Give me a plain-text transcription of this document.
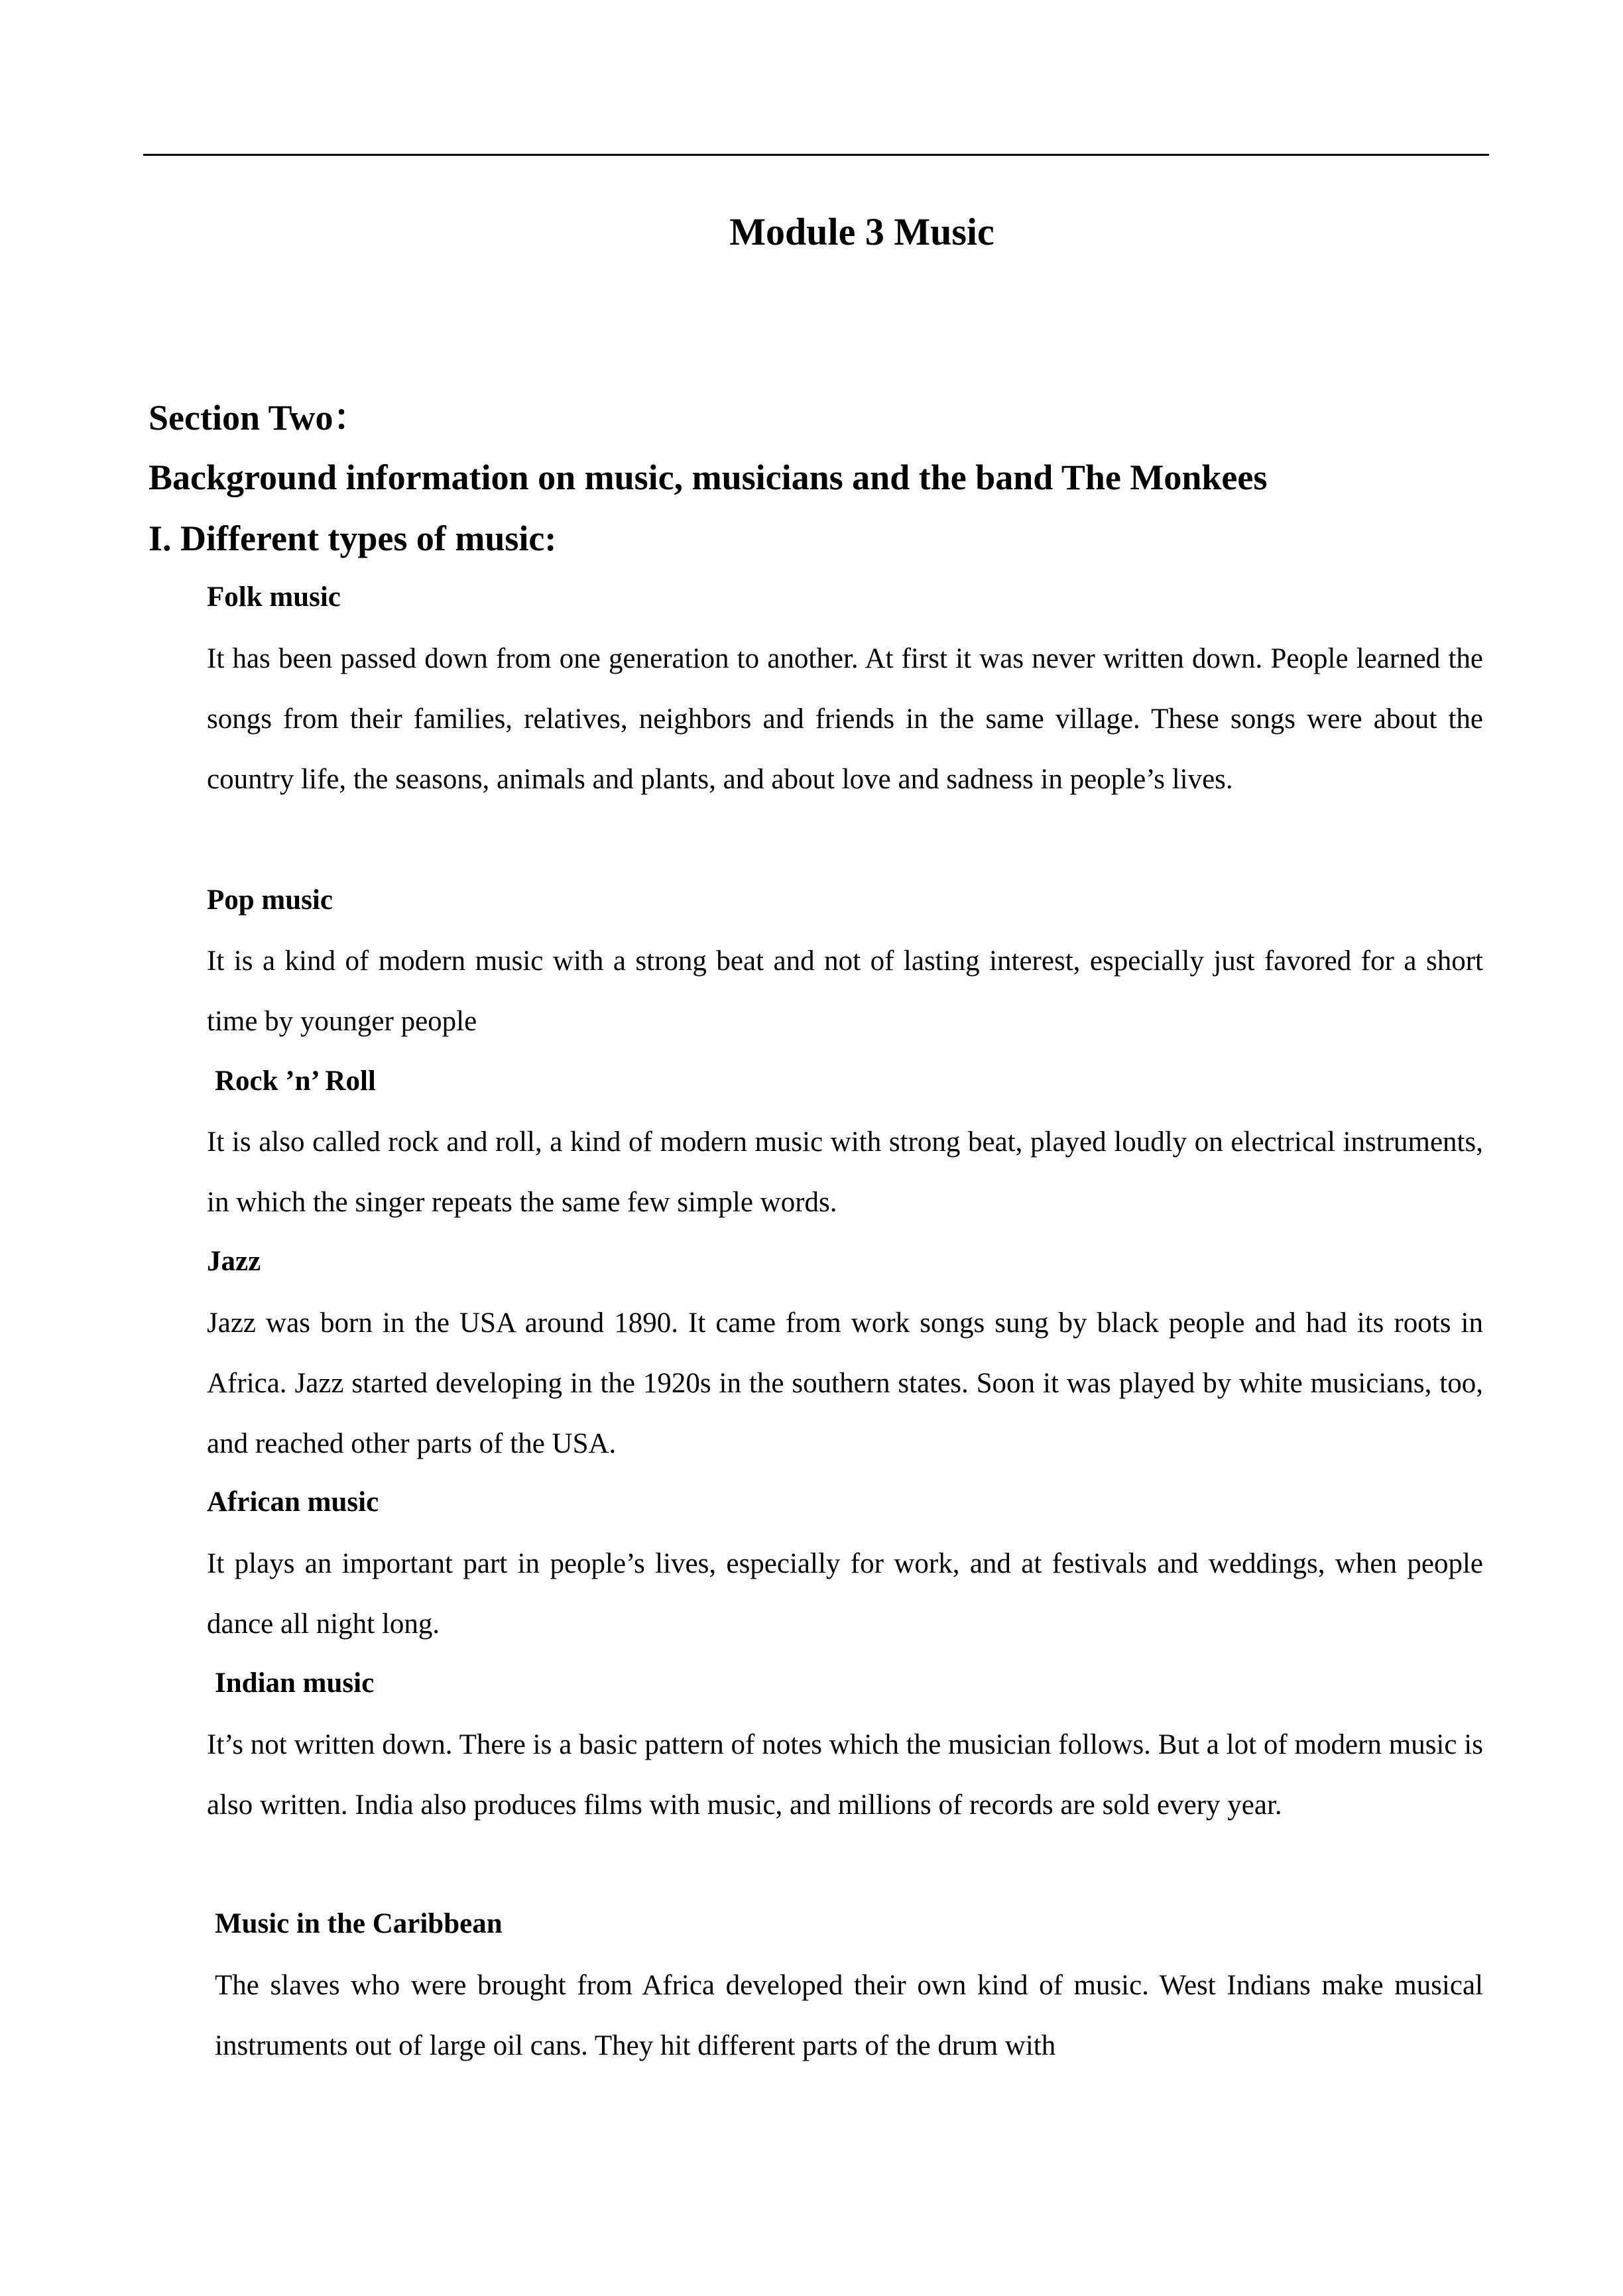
Module 3 Music
Section Two：
Background information on music, musicians and the band The Monkees
I. Different types of music:
Folk music
It has been passed down from one generation to another. At first it was never written down. People learned the songs from their families, relatives, neighbors and friends in the same village. These songs were about the country life, the seasons, animals and plants, and about love and sadness in people’s lives.
Pop music
It is a kind of modern music with a strong beat and not of lasting interest, especially just favored for a short time by younger people
Rock ’n’ Roll
It is also called rock and roll, a kind of modern music with strong beat, played loudly on electrical instruments, in which the singer repeats the same few simple words.
Jazz
Jazz was born in the USA around 1890. It came from work songs sung by black people and had its roots in Africa. Jazz started developing in the 1920s in the southern states. Soon it was played by white musicians, too, and reached other parts of the USA.
African music
It plays an important part in people’s lives, especially for work, and at festivals and weddings, when people dance all night long.
Indian music
It’s not written down. There is a basic pattern of notes which the musician follows. But a lot of modern music is also written. India also produces films with music, and millions of records are sold every year.
Music in the Caribbean
The slaves who were brought from Africa developed their own kind of music. West Indians make musical instruments out of large oil cans. They hit different parts of the drum with
